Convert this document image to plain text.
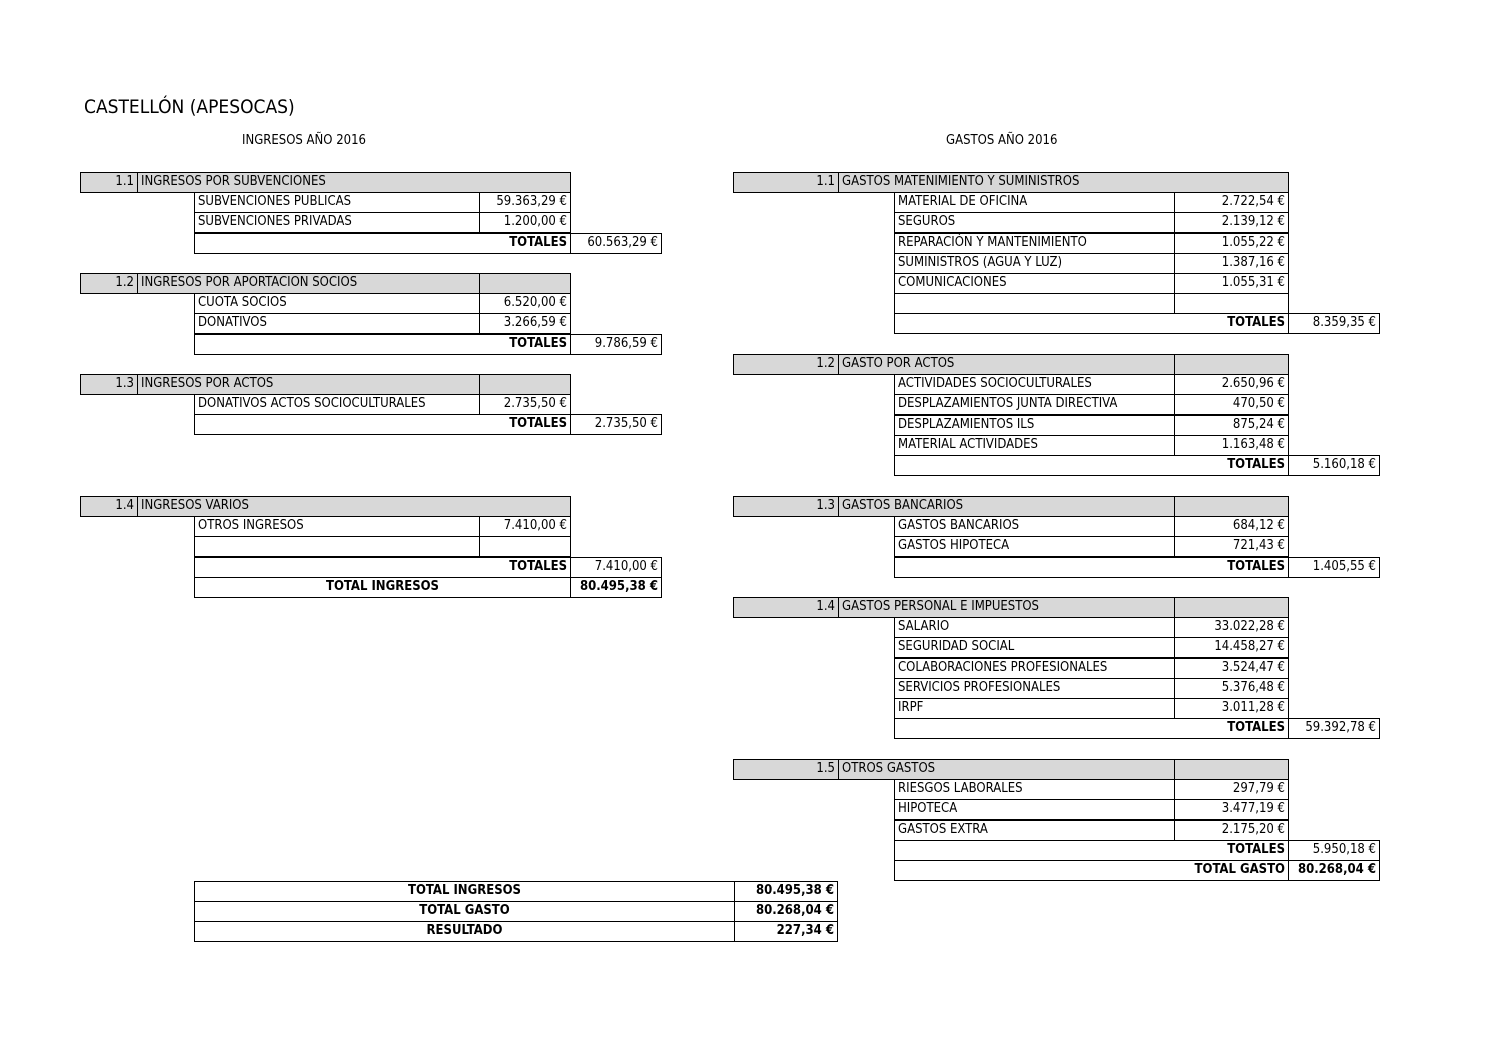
CASTELLÓN (APESOCAS)
INGRESOS AÑO 2016	GASTOS AÑO 2016
1.1 INGRESOS POR SUBVENCIONES
SUBVENCIONES PUBLICAS	59.363,29 €
SUBVENCIONES PRIVADAS	1.200,00 €
TOTALES	60.563,29 €
1.2 INGRESOS POR APORTACION SOCIOS
CUOTA SOCIOS	6.520,00 €
DONATIVOS	3.266,59 €
TOTALES	9.786,59 €
1.3 INGRESOS POR ACTOS
DONATIVOS ACTOS SOCIOCULTURALES	2.735,50 €
TOTALES	2.735,50 €
1.4 INGRESOS VARIOS
OTROS INGRESOS	7.410,00 €
TOTALES	7.410,00 €
TOTAL INGRESOS	80.495,38 €
1.1 GASTOS MATENIMIENTO Y SUMINISTROS
MATERIAL DE OFICINA	2.722,54 €
SEGUROS	2.139,12 €
REPARACIÓN Y MANTENIMIENTO	1.055,22 €
SUMINISTROS (AGUA Y LUZ)	1.387,16 €
COMUNICACIONES	1.055,31 €
TOTALES	8.359,35 €
1.2 GASTO POR ACTOS
ACTIVIDADES SOCIOCULTURALES	2.650,96 €
DESPLAZAMIENTOS JUNTA DIRECTIVA	470,50 €
DESPLAZAMIENTOS ILS	875,24 €
MATERIAL ACTIVIDADES	1.163,48 €
TOTALES	5.160,18 €
1.3 GASTOS BANCARIOS
GASTOS BANCARIOS	684,12 €
GASTOS HIPOTECA	721,43 €
TOTALES	1.405,55 €
1.4 GASTOS PERSONAL E IMPUESTOS
SALARIO	33.022,28 €
SEGURIDAD SOCIAL	14.458,27 €
COLABORACIONES PROFESIONALES	3.524,47 €
SERVICIOS PROFESIONALES	5.376,48 €
IRPF	3.011,28 €
TOTALES	59.392,78 €
1.5 OTROS GASTOS
RIESGOS LABORALES	297,79 €
HIPOTECA	3.477,19 €
GASTOS EXTRA	2.175,20 €
TOTALES	5.950,18 €
TOTAL GASTO 80.268,04 €
TOTAL INGRESOS	80.495,38 €
TOTAL GASTO	80.268,04 €
RESULTADO	227,34 €
